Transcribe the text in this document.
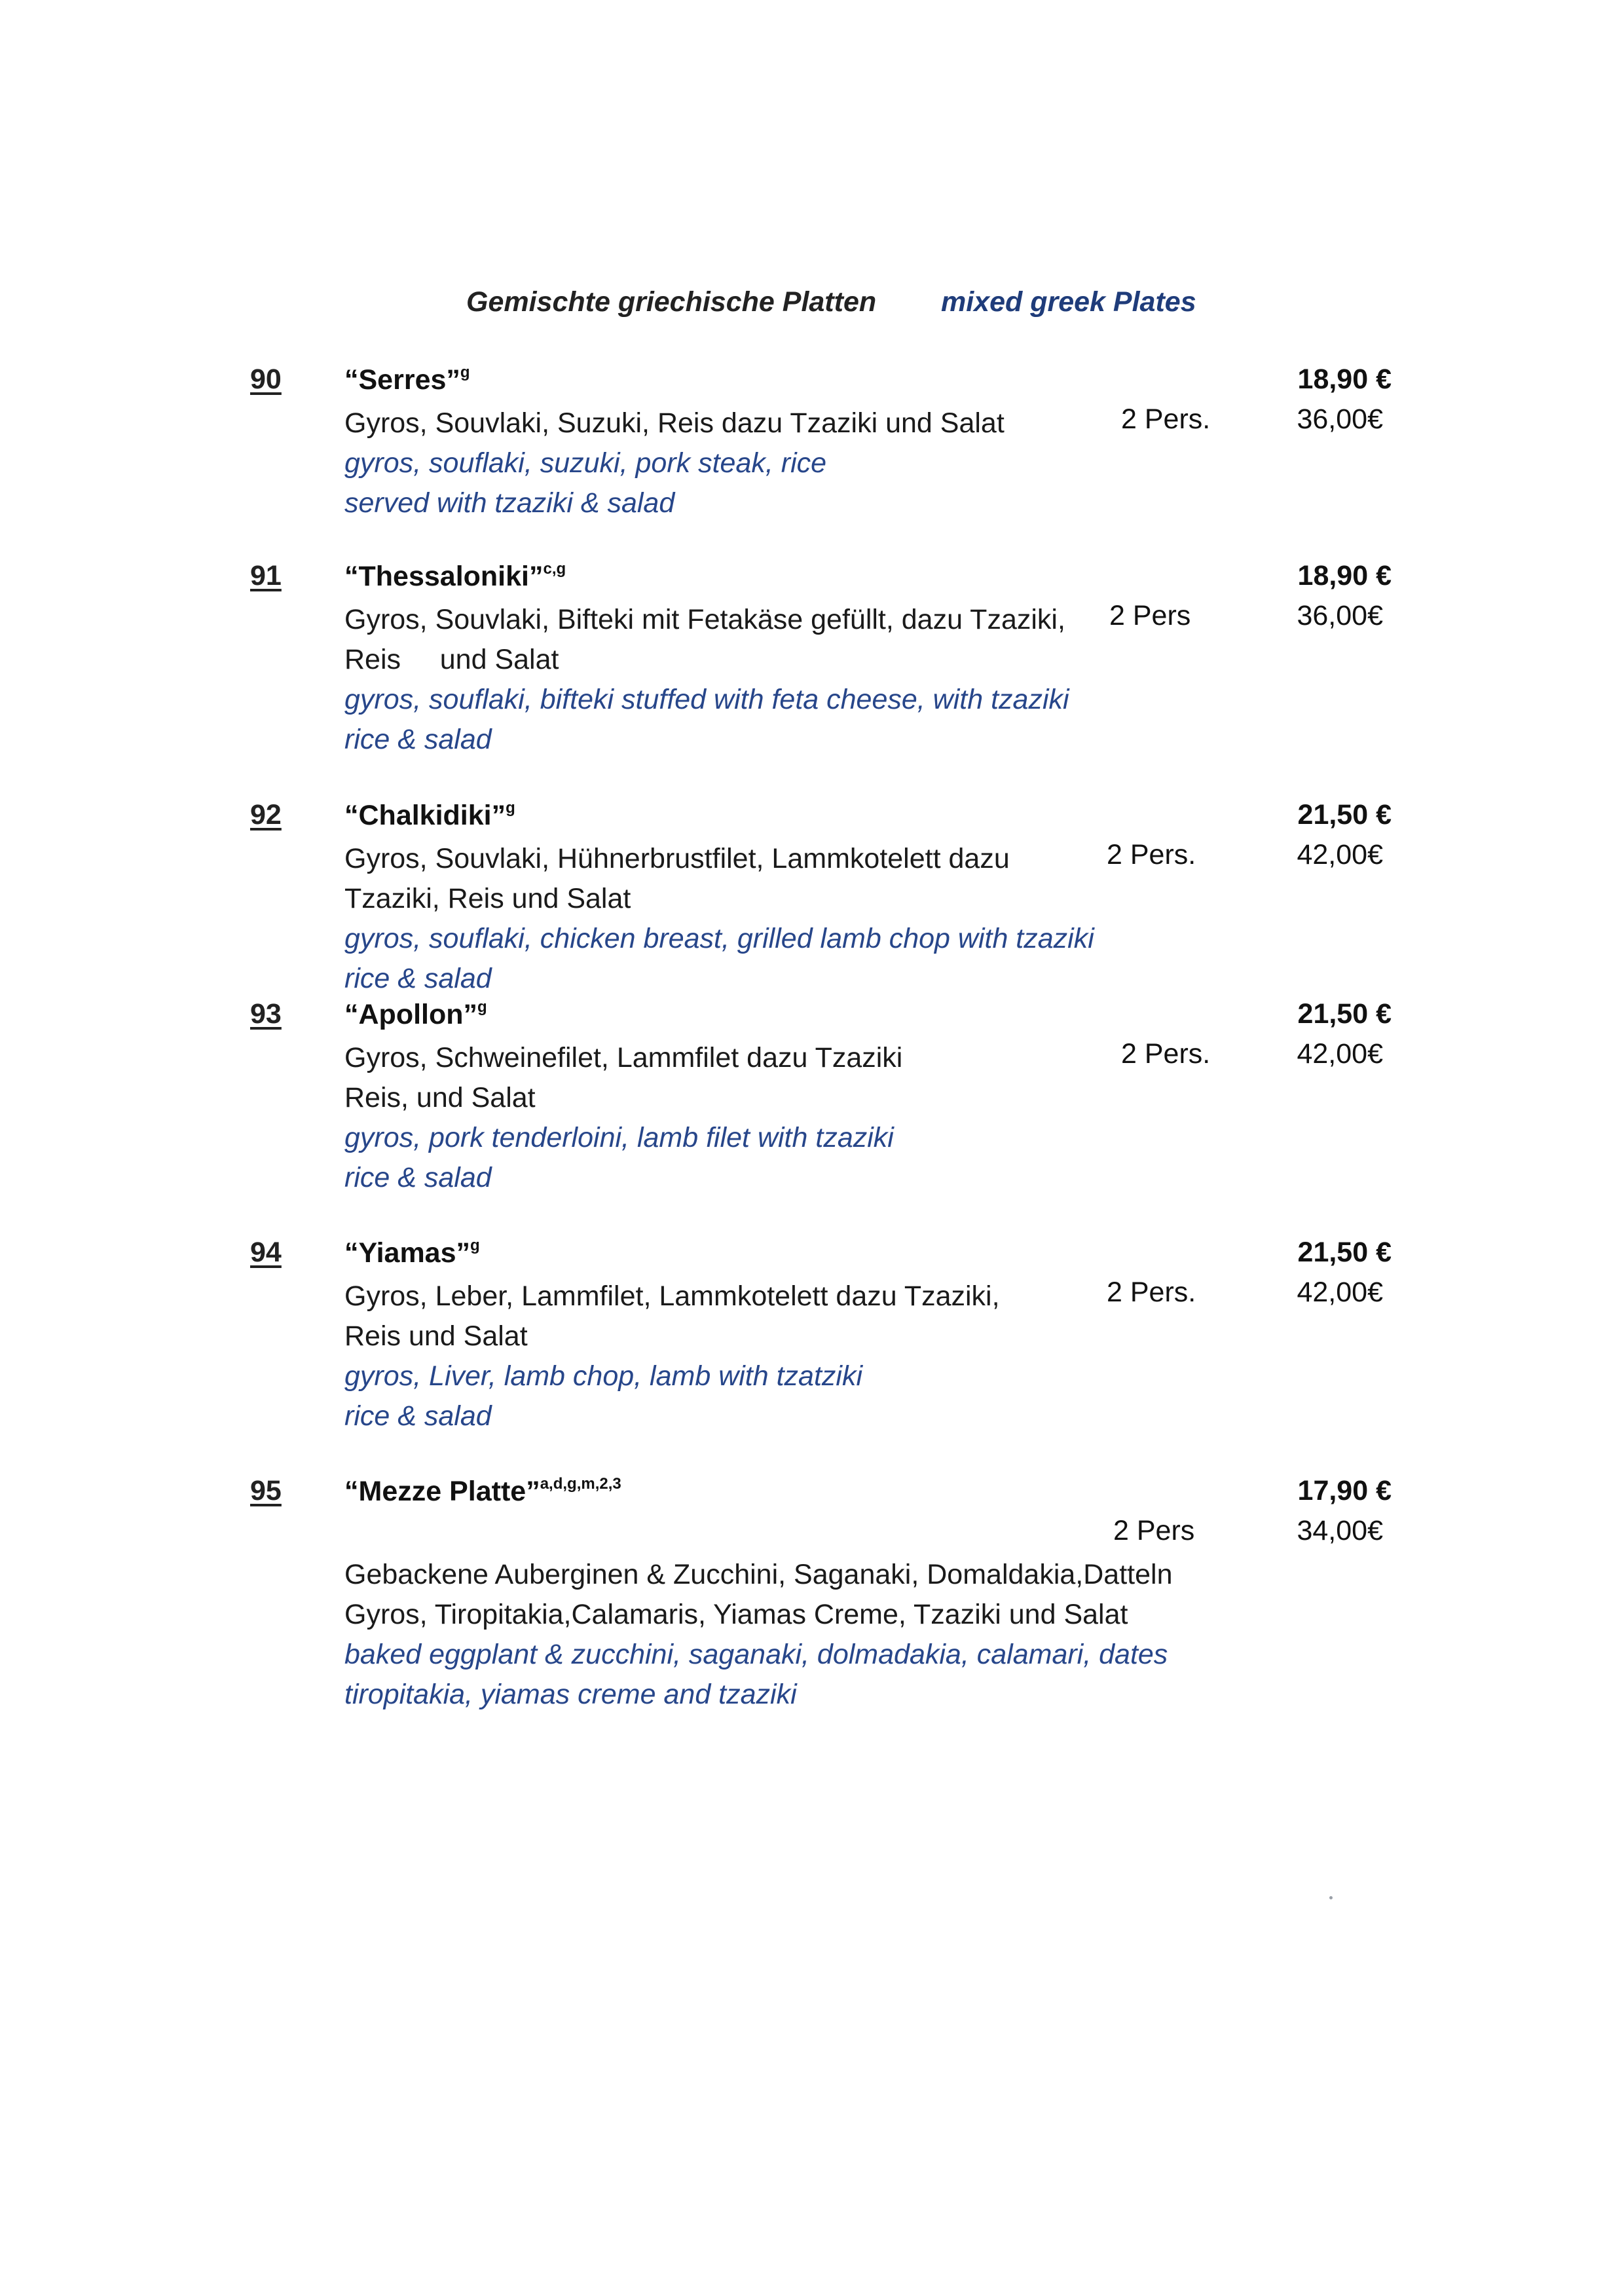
Gemischte griechische Platten mixed greek Plates
90 “Serres”$^g$	18,90 €
2 Pers.	36,00€
Gyros, Souvlaki, Suzuki, Reis dazu Tzaziki und Salat
gyros, souflaki, suzuki, pork steak, rice
served with tzaziki & salad
91 “Thessaloniki”$^{c,g}$	18,90 €
2 Pers	36,00€
Gyros, Souvlaki, Bifteki mit Fetakäse gefüllt, dazu Tzaziki,
Reis     und Salat
gyros, souflaki, bifteki stuffed with feta cheese, with tzaziki
rice & salad
92 “Chalkidiki”$^g$	21,50 €
2 Pers.	42,00€
Gyros, Souvlaki, Hühnerbrustfilet, Lammkotelett dazu
Tzaziki, Reis und Salat
gyros, souflaki, chicken breast, grilled lamb chop with tzaziki
rice & salad
93 “Apollon”$^g$	21,50 €
2 Pers.	42,00€
Gyros, Schweinefilet, Lammfilet dazu Tzaziki
Reis, und Salat
gyros, pork tenderloini, lamb filet with tzaziki
rice & salad
94 “Yiamas”$^g$	21,50 €
2 Pers.	42,00€
Gyros, Leber, Lammfilet, Lammkotelett dazu Tzaziki,
Reis und Salat
gyros, Liver, lamb chop, lamb with tzatziki
rice & salad
95 “Mezze Platte”$^{a,d,g,m,2,3}$	17,90 €
2 Pers	34,00€
Gebackene Auberginen & Zucchini, Saganaki, Domaldakia,Datteln
Gyros, Tiropitakia,Calamaris, Yiamas Creme, Tzaziki und Salat
baked eggplant & zucchini, saganaki, dolmadakia, calamari, dates
tiropitakia, yiamas creme and tzaziki
